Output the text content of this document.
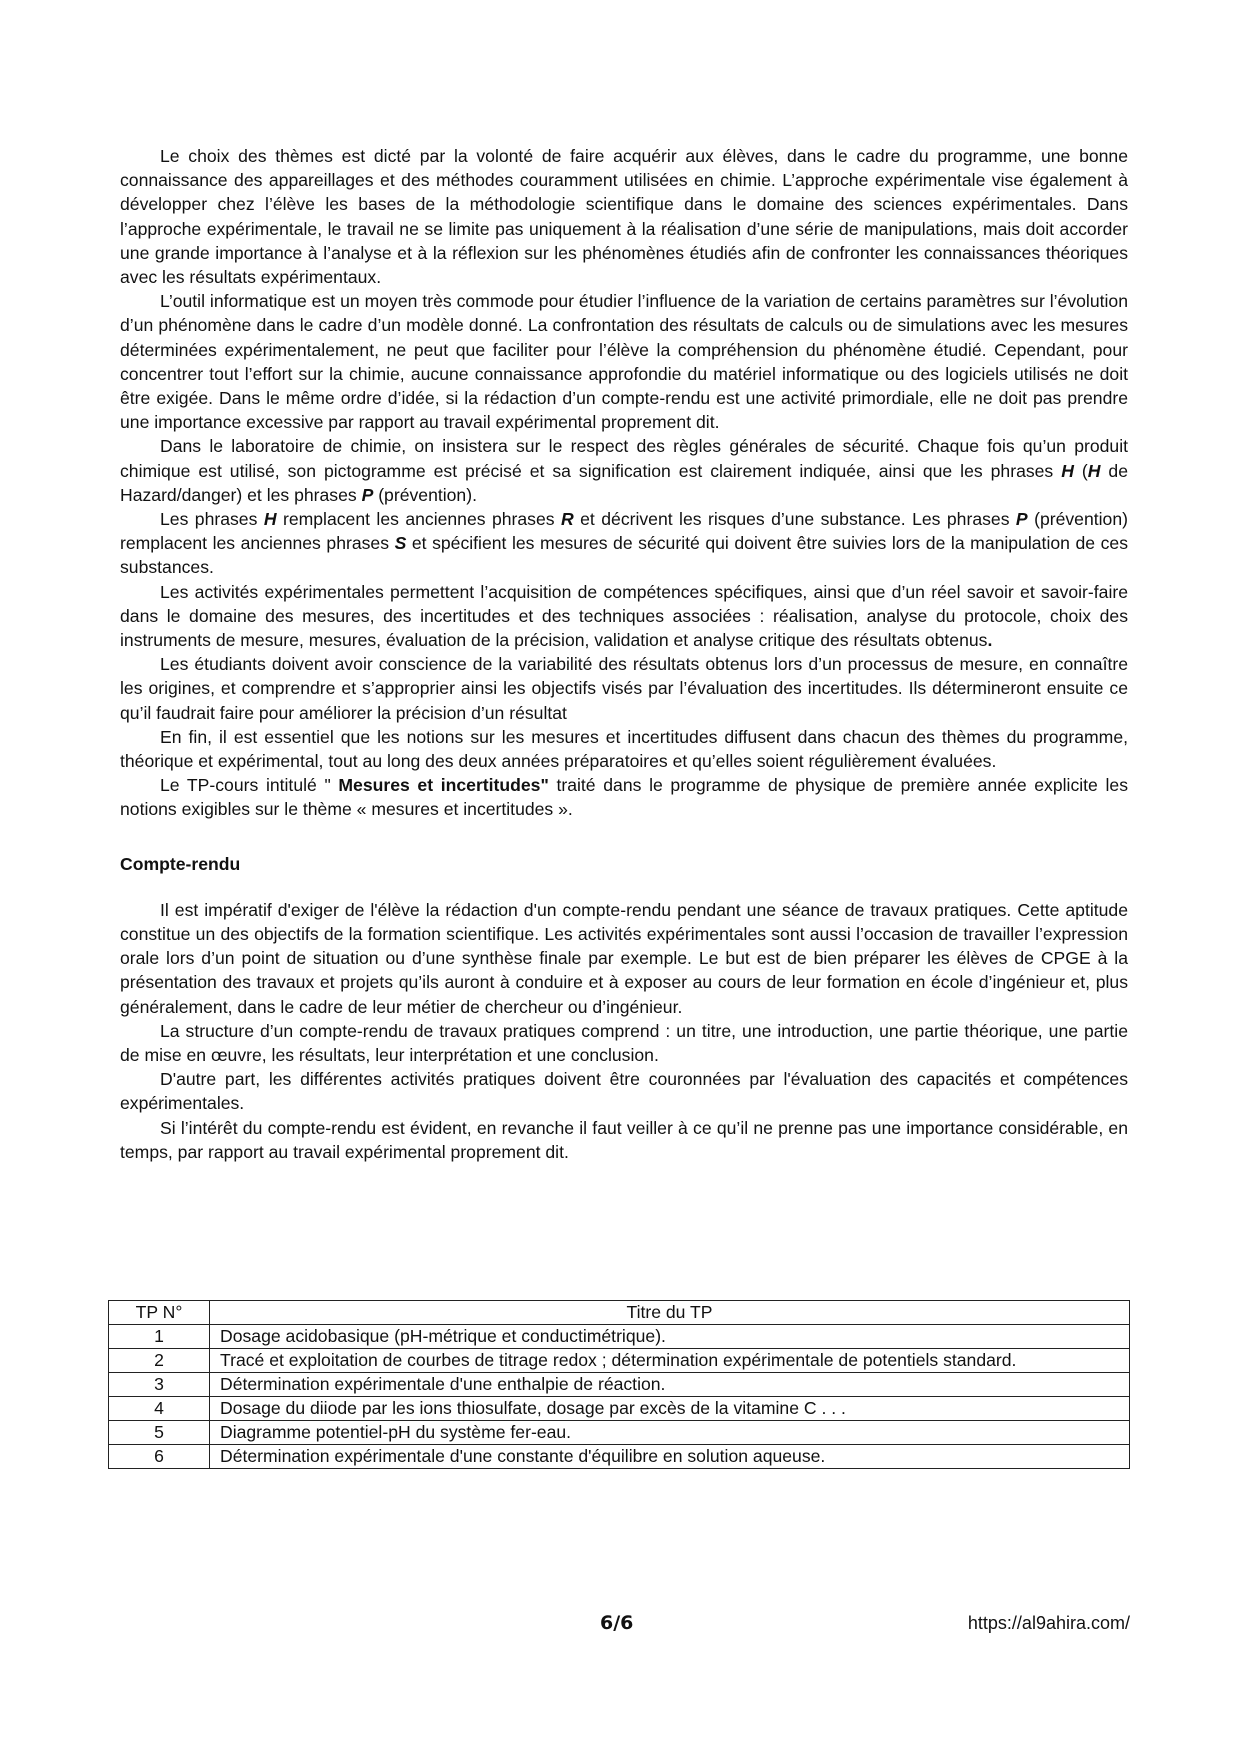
Le choix des thèmes est dicté par la volonté de faire acquérir aux élèves, dans le cadre du programme, une bonne connaissance des appareillages et des méthodes couramment utilisées en chimie. L’approche expérimentale vise également à développer chez l’élève les bases de la méthodologie scientifique dans le domaine des sciences expérimentales. Dans l’approche expérimentale, le travail ne se limite pas uniquement à la réalisation d’une série de manipulations, mais doit accorder une grande importance à l’analyse et à la réflexion sur les phénomènes étudiés afin de confronter les connaissances théoriques avec les résultats expérimentaux.

L’outil informatique est un moyen très commode pour étudier l’influence de la variation de certains paramètres sur l’évolution d’un phénomène dans le cadre d’un modèle donné. La confrontation des résultats de calculs ou de simulations avec les mesures déterminées expérimentalement, ne peut que faciliter pour l’élève la compréhension du phénomène étudié. Cependant, pour concentrer tout l’effort sur la chimie, aucune connaissance approfondie du matériel informatique ou des logiciels utilisés ne doit être exigée. Dans le même ordre d’idée, si la rédaction d’un compte-rendu est une activité primordiale, elle ne doit pas prendre une importance excessive par rapport au travail expérimental proprement dit.

Dans le laboratoire de chimie, on insistera sur le respect des règles générales de sécurité. Chaque fois qu’un produit chimique est utilisé, son pictogramme est précisé et sa signification est clairement indiquée, ainsi que les phrases H (H de Hazard/danger) et les phrases P (prévention).

Les phrases H remplacent les anciennes phrases R et décrivent les risques d’une substance. Les phrases P (prévention) remplacent les anciennes phrases S et spécifient les mesures de sécurité qui doivent être suivies lors de la manipulation de ces substances.

Les activités expérimentales permettent l’acquisition de compétences spécifiques, ainsi que d’un réel savoir et savoir-faire dans le domaine des mesures, des incertitudes et des techniques associées : réalisation, analyse du protocole, choix des instruments de mesure, mesures, évaluation de la précision, validation et analyse critique des résultats obtenus.

Les étudiants doivent avoir conscience de la variabilité des résultats obtenus lors d’un processus de mesure, en connaître les origines, et comprendre et s’approprier ainsi les objectifs visés par l’évaluation des incertitudes. Ils détermineront ensuite ce qu’il faudrait faire pour améliorer la précision d’un résultat

En fin, il est essentiel que les notions sur les mesures et incertitudes diffusent dans chacun des thèmes du programme, théorique et expérimental, tout au long des deux années préparatoires et qu’elles soient régulièrement évaluées.

Le TP-cours intitulé " Mesures et incertitudes" traité dans le programme de physique de première année explicite les notions exigibles sur le thème « mesures et incertitudes ».

Compte-rendu

Il est impératif d'exiger de l'élève la rédaction d'un compte-rendu pendant une séance de travaux pratiques. Cette aptitude constitue un des objectifs de la formation scientifique. Les activités expérimentales sont aussi l’occasion de travailler l’expression orale lors d’un point de situation ou d’une synthèse finale par exemple. Le but est de bien préparer les élèves de CPGE à la présentation des travaux et projets qu’ils auront à conduire et à exposer au cours de leur formation en école d’ingénieur et, plus généralement, dans le cadre de leur métier de chercheur ou d’ingénieur.

La structure d’un compte-rendu de travaux pratiques comprend : un titre, une introduction, une partie théorique, une partie de mise en œuvre, les résultats, leur interprétation et une conclusion.

D'autre part, les différentes activités pratiques doivent être couronnées par l'évaluation des capacités et compétences expérimentales.

Si l’intérêt du compte-rendu est évident, en revanche il faut veiller à ce qu’il ne prenne pas une importance considérable, en temps, par rapport au travail expérimental proprement dit.

TP N°	Titre du TP
1	Dosage acidobasique (pH-métrique et conductimétrique).
2	Tracé et exploitation de courbes de titrage redox ; détermination expérimentale de potentiels standard.
3	Détermination expérimentale d'une enthalpie de réaction.
4	Dosage du diiode par les ions thiosulfate, dosage par excès de la vitamine C . . .
5	Diagramme potentiel-pH du système fer-eau.
6	Détermination expérimentale d'une constante d'équilibre en solution aqueuse.
6/6	https://al9ahira.com/
